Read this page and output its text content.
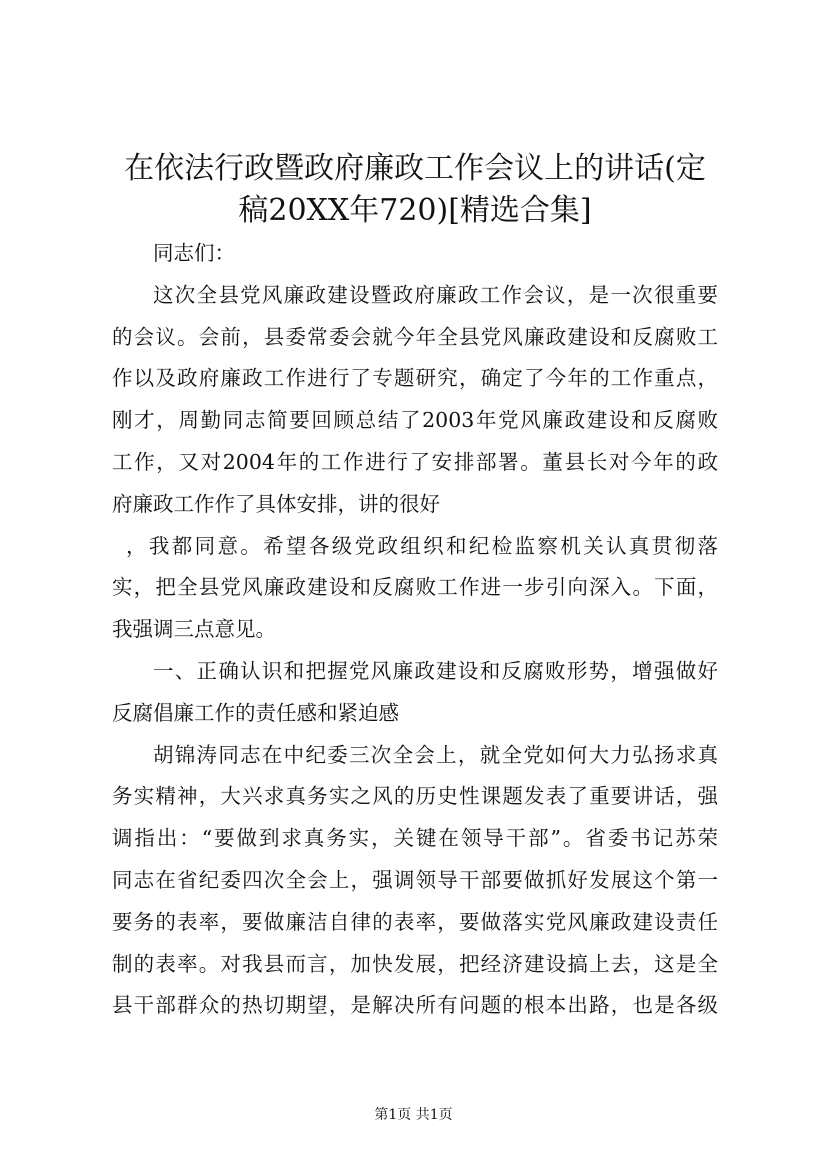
在依法行政暨政府廉政工作会议上的讲话(定
稿20XX年720)[精选合集]
同志们：
这次全县党风廉政建设暨政府廉政工作会议，是一次很重要
的会议。会前，县委常委会就今年全县党风廉政建设和反腐败工
作以及政府廉政工作进行了专题研究，确定了今年的工作重点，
刚才，周勤同志简要回顾总结了2003年党风廉政建设和反腐败
工作，又对2004年的工作进行了安排部署。董县长对今年的政
府廉政工作作了具体安排，讲的很好
，我都同意。希望各级党政组织和纪检监察机关认真贯彻落
实，把全县党风廉政建设和反腐败工作进一步引向深入。下面，
我强调三点意见。
一、正确认识和把握党风廉政建设和反腐败形势，增强做好
反腐倡廉工作的责任感和紧迫感
胡锦涛同志在中纪委三次全会上，就全党如何大力弘扬求真
务实精神，大兴求真务实之风的历史性课题发表了重要讲话，强
调指出：“要做到求真务实，关键在领导干部”。省委书记苏荣
同志在省纪委四次全会上，强调领导干部要做抓好发展这个第一
要务的表率，要做廉洁自律的表率，要做落实党风廉政建设责任
制的表率。对我县而言，加快发展，把经济建设搞上去，这是全
县干部群众的热切期望，是解决所有问题的根本出路，也是各级
第1页 共1页
